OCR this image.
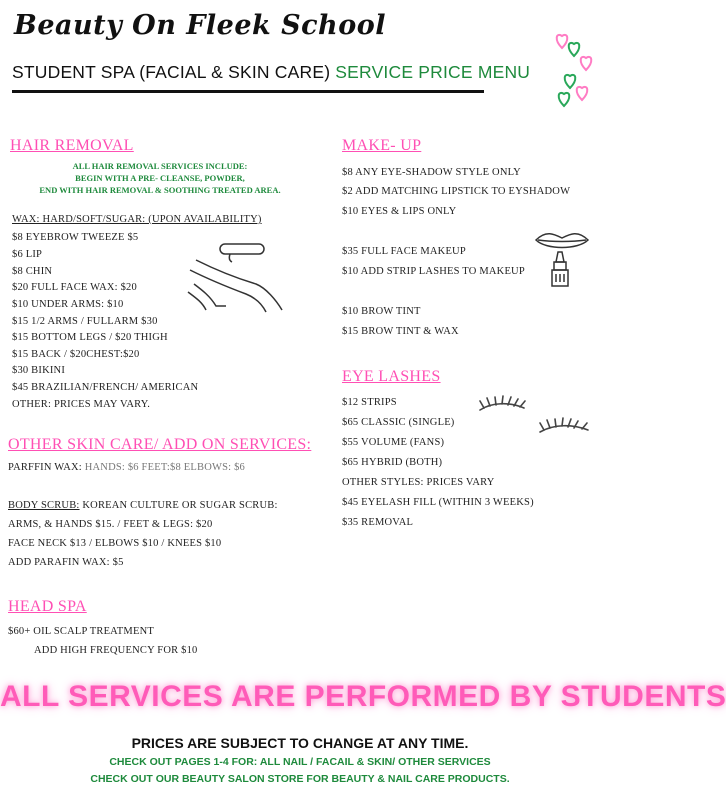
Beauty On Fleek School
STUDENT SPA (FACIAL & SKIN CARE) SERVICE PRICE MENU
HAIR REMOVAL
ALL HAIR REMOVAL SERVICES INCLUDE:
BEGIN WITH A PRE- CLEANSE, POWDER,
END WITH HAIR REMOVAL & SOOTHING TREATED AREA.
WAX: HARD/SOFT/SUGAR: (UPON AVAILABILITY)
$8 EYEBROW TWEEZE $5
$6 LIP
$8 CHIN
$20 FULL FACE WAX: $20
$10 UNDER ARMS: $10
$15 1/2 ARMS / FULLARM $30
$15 BOTTOM LEGS / $20 THIGH
$15 BACK / $20CHEST:$20
$30 BIKINI
$45 BRAZILIAN/FRENCH/ AMERICAN
OTHER: PRICES MAY VARY.
OTHER SKIN CARE/ ADD ON SERVICES:
PARFFIN WAX: HANDS: $6 FEET:$8 ELBOWS: $6
BODY SCRUB: KOREAN CULTURE OR SUGAR SCRUB:
ARMS, & HANDS $15. / FEET & LEGS: $20
FACE NECK $13 / ELBOWS $10 / KNEES $10
ADD PARAFIN WAX: $5
HEAD SPA
$60+ OIL SCALP TREATMENT
ADD HIGH FREQUENCY FOR $10
MAKE- UP
$8 ANY EYE-SHADOW STYLE ONLY
$2 ADD MATCHING LIPSTICK TO EYSHADOW
$10 EYES & LIPS ONLY
$35 FULL FACE MAKEUP
$10 ADD STRIP LASHES TO MAKEUP
$10 BROW TINT
$15 BROW TINT & WAX
EYE LASHES
$12 STRIPS
$65 CLASSIC (SINGLE)
$55 VOLUME (FANS)
$65 HYBRID (BOTH)
OTHER STYLES: PRICES VARY
$45 EYELASH FILL (WITHIN 3 WEEKS)
$35 REMOVAL
ALL SERVICES ARE PERFORMED BY STUDENTS
PRICES ARE SUBJECT TO CHANGE AT ANY TIME.
CHECK OUT PAGES 1-4 FOR: ALL NAIL / FACAIL & SKIN/ OTHER SERVICES
CHECK OUT OUR BEAUTY SALON STORE FOR BEAUTY & NAIL CARE PRODUCTS.
